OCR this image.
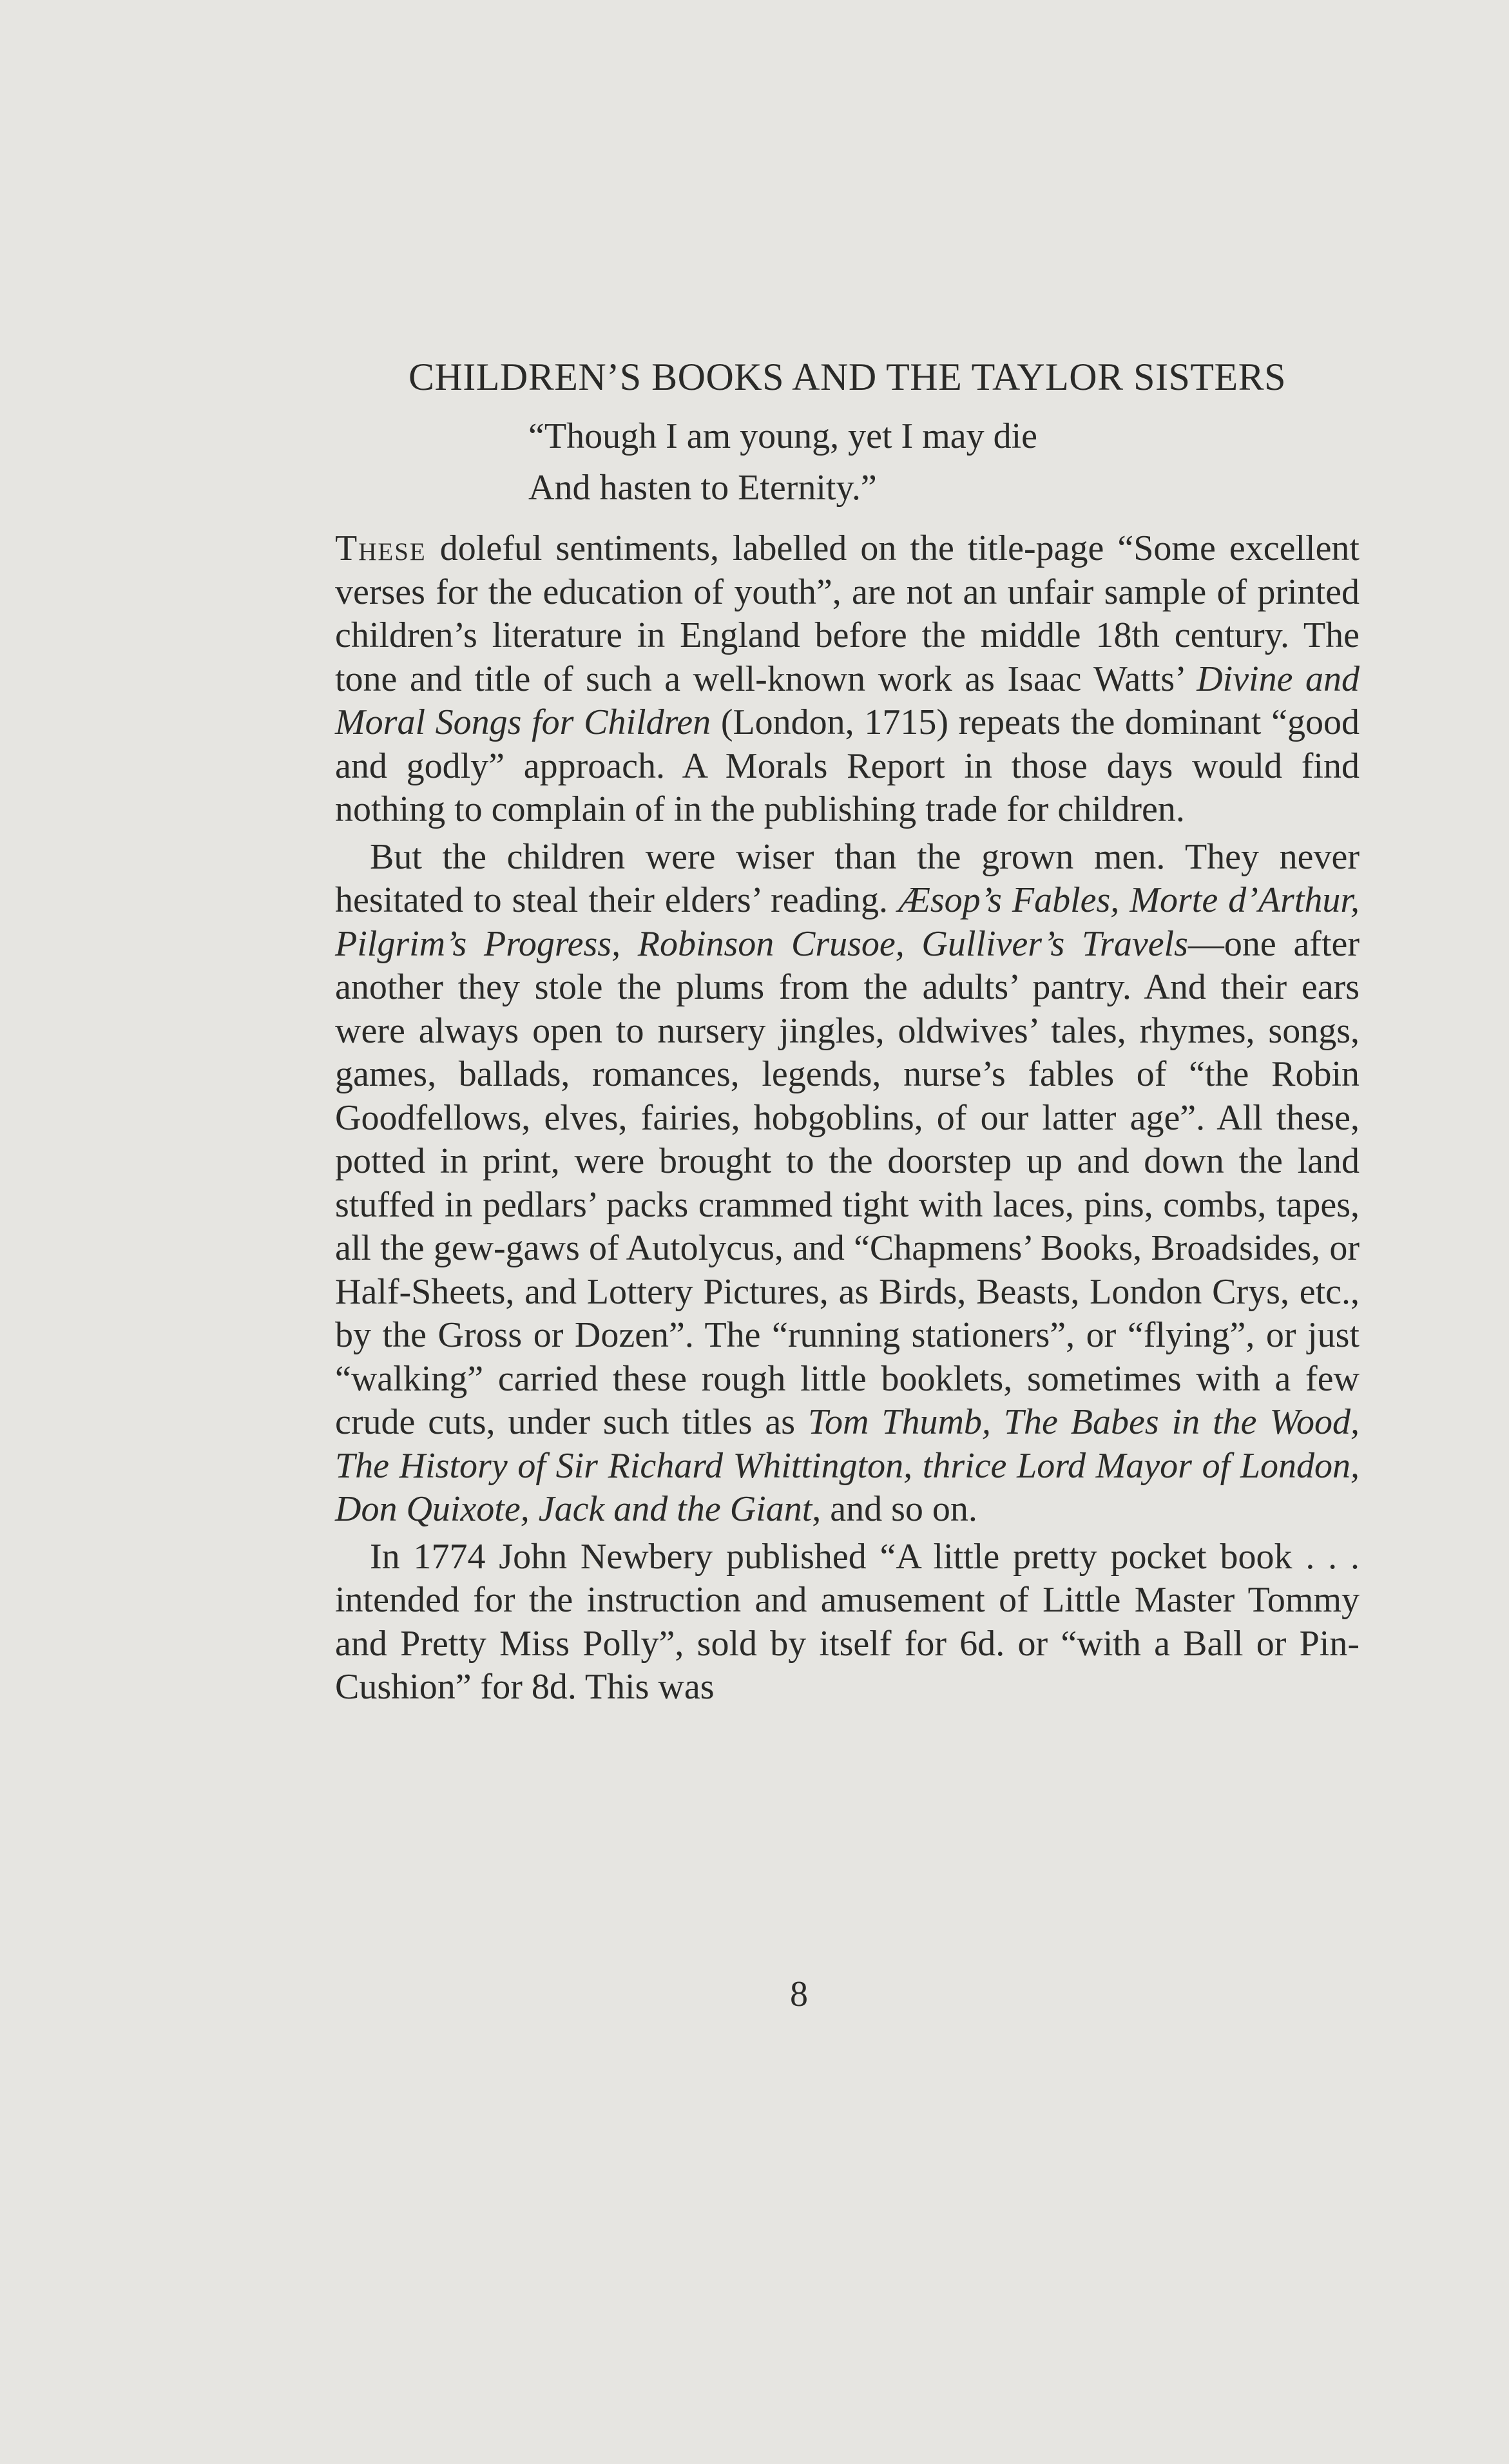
CHILDREN’S BOOKS AND THE TAYLOR SISTERS
“Though I am young, yet I may die
And hasten to Eternity.”

These doleful sentiments, labelled on the title-page “Some excellent verses for the education of youth”, are not an unfair sample of printed children’s literature in England before the middle 18th century. The tone and title of such a well-known work as Isaac Watts’ Divine and Moral Songs for Children (London, 1715) repeats the dominant “good and godly” approach. A Morals Report in those days would find nothing to complain of in the publishing trade for children.

But the children were wiser than the grown men. They never hesitated to steal their elders’ reading. Æsop’s Fables, Morte d’Arthur, Pilgrim’s Progress, Robinson Crusoe, Gulliver’s Travels—one after another they stole the plums from the adults’ pantry. And their ears were always open to nursery jingles, oldwives’ tales, rhymes, songs, games, ballads, romances, legends, nurse’s fables of “the Robin Goodfellows, elves, fairies, hobgoblins, of our latter age”. All these, potted in print, were brought to the doorstep up and down the land stuffed in pedlars’ packs crammed tight with laces, pins, combs, tapes, all the gew-gaws of Autolycus, and “Chapmens’ Books, Broadsides, or Half-Sheets, and Lottery Pictures, as Birds, Beasts, London Crys, etc., by the Gross or Dozen”. The “running stationers”, or “flying”, or just “walking” carried these rough little booklets, sometimes with a few crude cuts, under such titles as Tom Thumb, The Babes in the Wood, The History of Sir Richard Whittington, thrice Lord Mayor of London, Don Quixote, Jack and the Giant, and so on.

In 1774 John Newbery published “A little pretty pocket book . . . intended for the instruction and amusement of Little Master Tommy and Pretty Miss Polly”, sold by itself for 6d. or “with a Ball or Pin-Cushion” for 8d. This was

8
